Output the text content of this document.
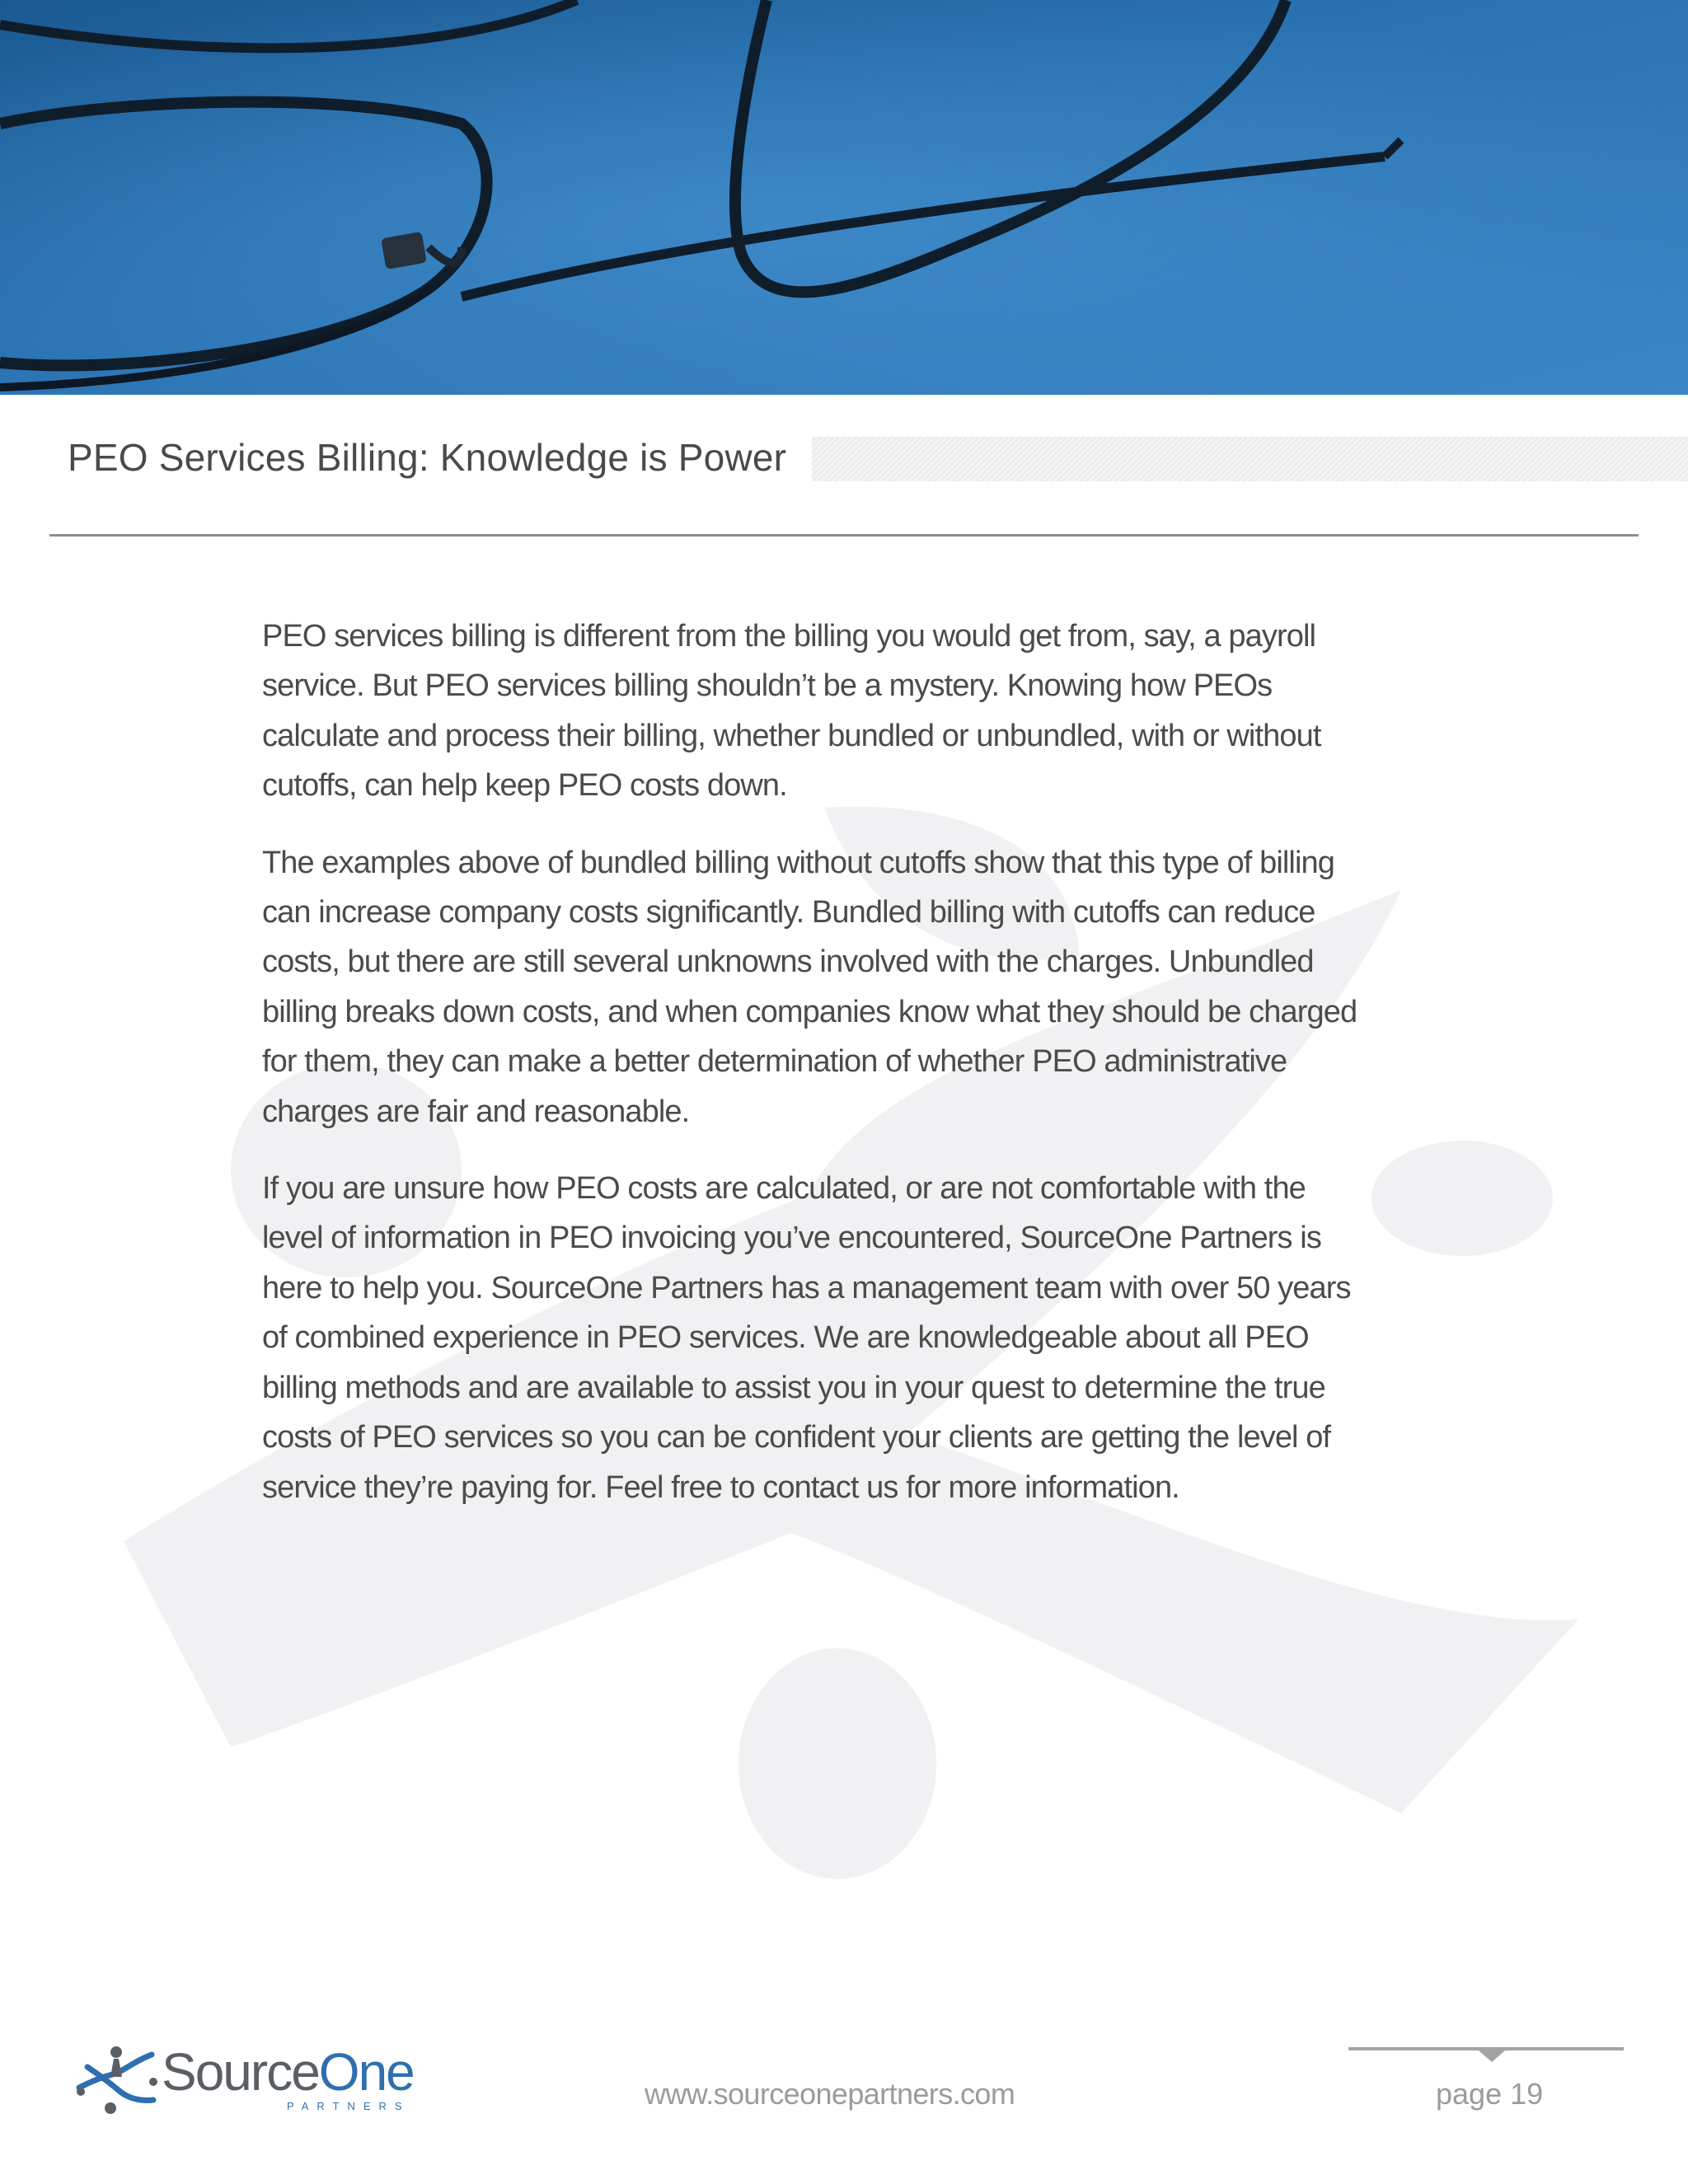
PEO Services Billing: Knowledge is Power

PEO services billing is different from the billing you would get from, say, a payroll service. But PEO services billing shouldn’t be a mystery. Knowing how PEOs calculate and process their billing, whether bundled or unbundled, with or without cutoffs, can help keep PEO costs down.

The examples above of bundled billing without cutoffs show that this type of billing can increase company costs significantly. Bundled billing with cutoffs can reduce costs, but there are still several unknowns involved with the charges. Unbundled billing breaks down costs, and when companies know what they should be charged for them, they can make a better determination of whether PEO administrative charges are fair and reasonable.

If you are unsure how PEO costs are calculated, or are not comfortable with the level of information in PEO invoicing you’ve encountered, SourceOne Partners is here to help you. SourceOne Partners has a management team with over 50 years of combined experience in PEO services. We are knowledgeable about all PEO billing methods and are available to assist you in your quest to determine the true costs of PEO services so you can be confident your clients are getting the level of service they’re paying for. Feel free to contact us for more information.

SourceOne
PARTNERS	www.sourceonepartners.com	page 19
